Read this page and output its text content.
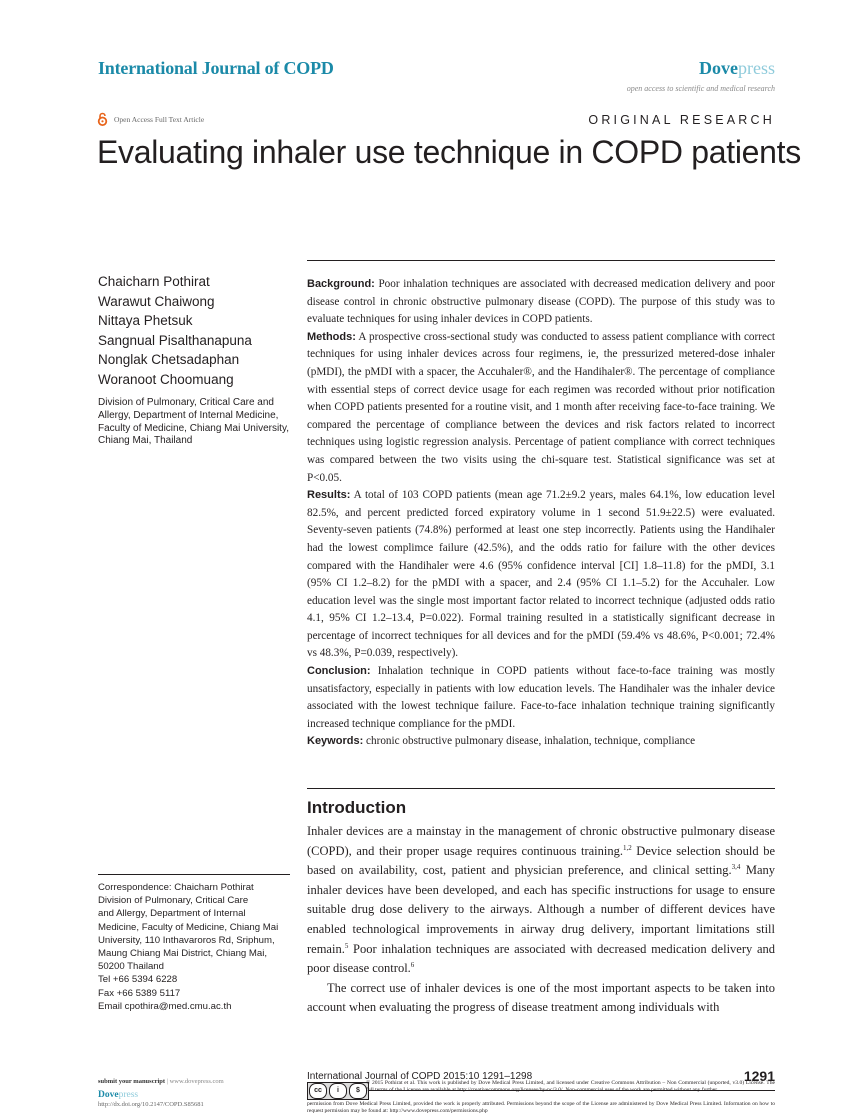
International Journal of COPD	Dovepress
open access to scientific and medical research
Open Access Full Text Article	ORIGINAL RESEARCH
Evaluating inhaler use technique in COPD patients
Chaicharn Pothirat
Warawut Chaiwong
Nittaya Phetsuk
Sangnual Pisalthanapuna
Nonglak Chetsadaphan
Woranoot Choomuang
Division of Pulmonary, Critical Care and Allergy, Department of Internal Medicine, Faculty of Medicine, Chiang Mai University, Chiang Mai, Thailand

Background: Poor inhalation techniques are associated with decreased medication delivery and poor disease control in chronic obstructive pulmonary disease (COPD). The purpose of this study was to evaluate techniques for using inhaler devices in COPD patients.

Methods: A prospective cross-sectional study was conducted to assess patient compliance with correct techniques for using inhaler devices across four regimens, ie, the pressurized metered-dose inhaler (pMDI), the pMDI with a spacer, the Accuhaler®, and the Handihaler®. The percentage of compliance with essential steps of correct device usage for each regimen was recorded without prior notification when COPD patients presented for a routine visit, and 1 month after receiving face-to-face training. We compared the percentage of compliance between the devices and risk factors related to incorrect techniques using logistic regression analysis. Percentage of patient compliance with correct techniques was compared between the two visits using the chi-square test. Statistical significance was set at P<0.05.

Results: A total of 103 COPD patients (mean age 71.2±9.2 years, males 64.1%, low education level 82.5%, and percent predicted forced expiratory volume in 1 second 51.9±22.5) were evaluated. Seventy-seven patients (74.8%) performed at least one step incorrectly. Patients using the Handihaler had the lowest complimce failure (42.5%), and the odds ratio for failure with the other devices compared with the Handihaler were 4.6 (95% confidence interval [CI] 1.8–11.8) for the pMDI, 3.1 (95% CI 1.2–8.2) for the pMDI with a spacer, and 2.4 (95% CI 1.1–5.2) for the Accuhaler. Low education level was the single most important factor related to incorrect technique (adjusted odds ratio 4.1, 95% CI 1.2–13.4, P=0.022). Formal training resulted in a statistically significant decrease in percentage of incorrect techniques for all devices and for the pMDI (59.4% vs 48.6%, P<0.001; 72.4% vs 48.3%, P=0.039, respectively).

Conclusion: Inhalation technique in COPD patients without face-to-face training was mostly unsatisfactory, especially in patients with low education levels. The Handihaler was the inhaler device associated with the lowest technique failure. Face-to-face inhalation technique training significantly increased technique compliance for the pMDI.

Keywords: chronic obstructive pulmonary disease, inhalation, technique, compliance

Introduction

Inhaler devices are a mainstay in the management of chronic obstructive pulmonary disease (COPD), and their proper usage requires continuous training.$^{1,2}$ Device selection should be based on availability, cost, patient and physician preference, and clinical setting.$^{3,4}$ Many inhaler devices have been developed, and each has specific instructions for usage to ensure suitable drug dose delivery to the airways. Although a number of different devices have enabled technological improvements in airway drug delivery, important limitations still remain.$^5$ Poor inhalation techniques are associated with decreased medication delivery and poor disease control.$^6$

The correct use of inhaler devices is one of the most important aspects to be taken into account when evaluating the progress of disease treatment among individuals with

Correspondence: Chaicharn Pothirat
Division of Pulmonary, Critical Care
and Allergy, Department of Internal
Medicine, Faculty of Medicine, Chiang Mai
University, 110 Inthavaroros Rd, Sriphum,
Maung Chiang Mai District, Chiang Mai,
50200 Thailand
Tel +66 5394 6228
Fax +66 5389 5117
Email cpothira@med.cmu.ac.th
submit your manuscript | www.dovepress.com
Dovepress
http://dx.doi.org/10.2147/COPD.S85681
International Journal of COPD 2015:10 1291–1298	1291
cc	i	$
© 2015 Pothirat et al. This work is published by Dove Medical Press Limited, and licensed under Creative Commons Attribution – Non Commercial (unported, v3.0) License. The full terms of the License are available at http://creativecommons.org/licenses/by-nc/3.0/. Non-commercial uses of the work are permitted without any further
permission from Dove Medical Press Limited, provided the work is properly attributed. Permissions beyond the scope of the License are administered by Dove Medical Press Limited. Information on how to request permission may be found at: http://www.dovepress.com/permissions.php
